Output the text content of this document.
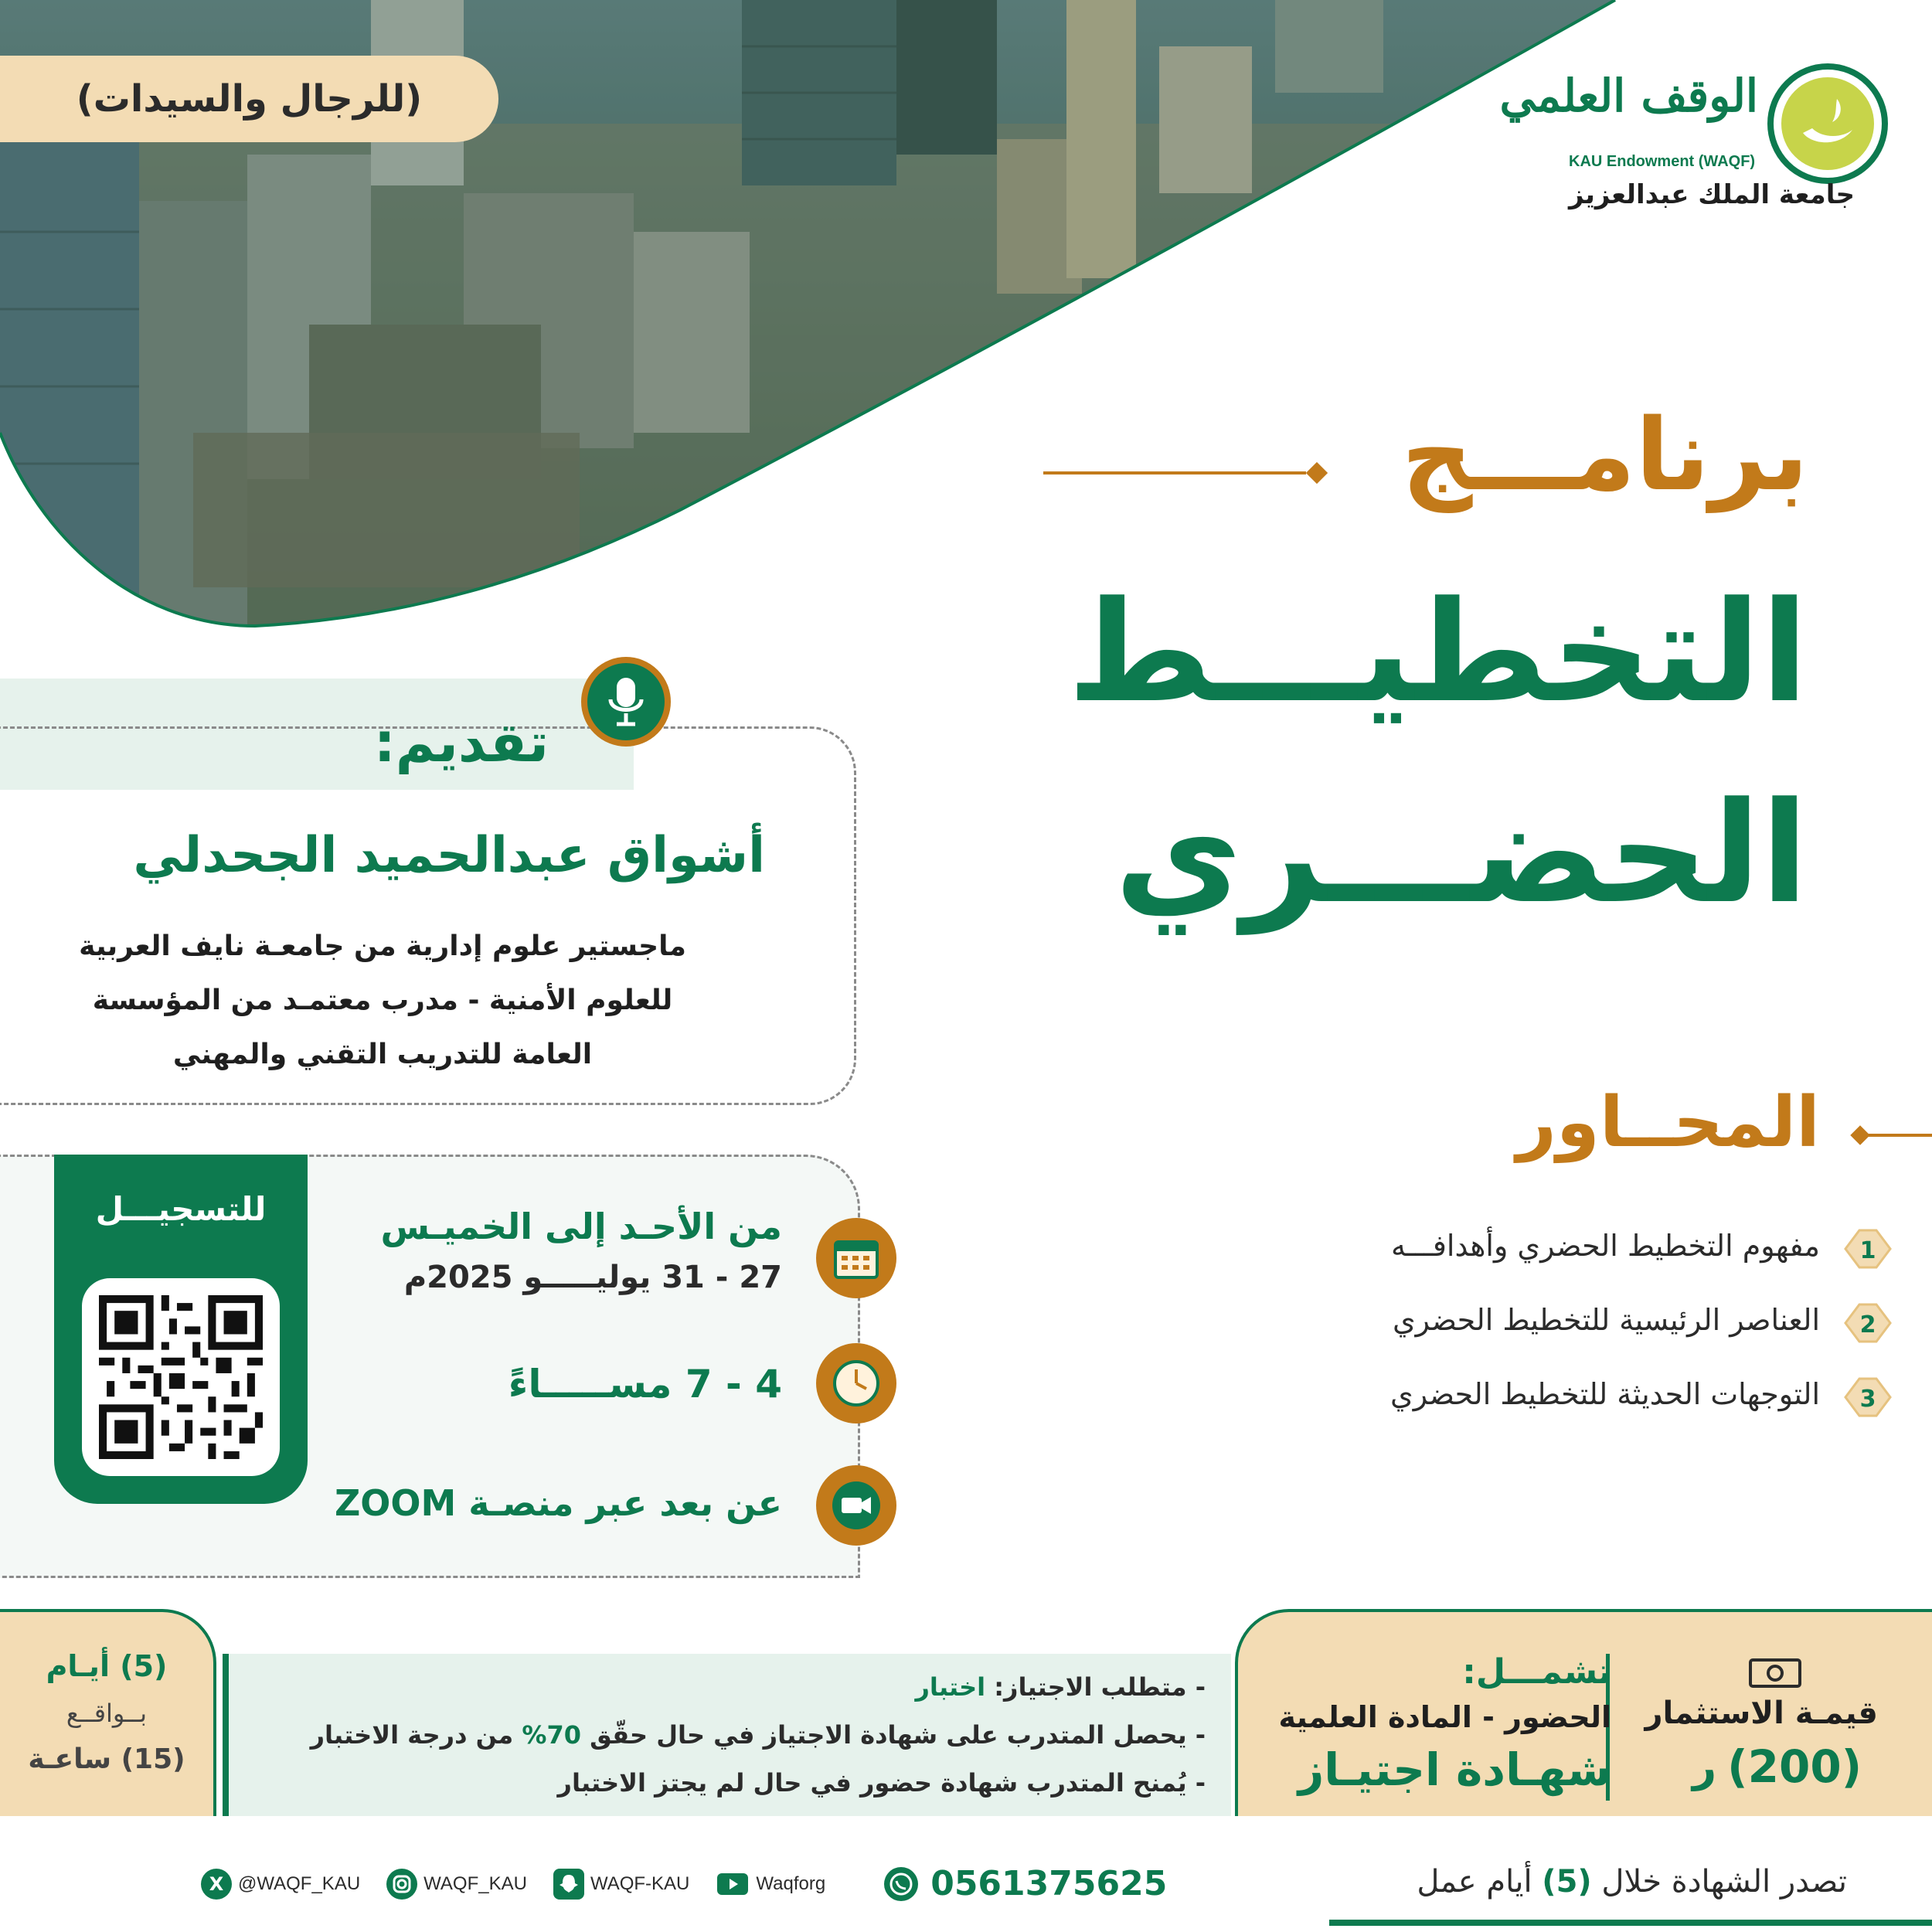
(للرجال والسيدات)	الوقف العلمي
KAU Endowment (WAQF)
جامعة الملك عبدالعزيز
برنامـــج
التخطيـــط
الحضـــري
تقديم:
أشواق عبدالحميد الجحدلي
ماجستير علوم إدارية من جامعـة نايف العربية
للعلوم الأمنية - مدرب معتمـد من المؤسسة
العامة للتدريب التقني والمهني
للتسجيـــل	من الأحـد إلى الخميـس
27 - 31 يوليـــــو 2025م
4 - 7 مســـــاءً
عن بعد عبر منصـة ZOOM
المحــاور
1
مفهوم التخطيط الحضري وأهدافـــه
2
العناصر الرئيسية للتخطيط الحضري
3
التوجهات الحديثة للتخطيط الحضري
(5) أيـام
بــواقــع
(15) ساعـة
- متطلب الاجتياز: اختبار
- يحصل المتدرب على شهادة الاجتياز في حال حقّق 70% من درجة الاختبار
- يُمنح المتدرب شهادة حضور في حال لم يجتز الاختبار
قيمـة الاستثمار
ر (200)
تشمـــل:
الحضور - المادة العلمية
شهـادة اجتيـاز
X @WAQF_KAU	WAQF_KAU	WAQF-KAU	Waqforg	0561375625	تصدر الشهادة خلال (5) أيام عمل
